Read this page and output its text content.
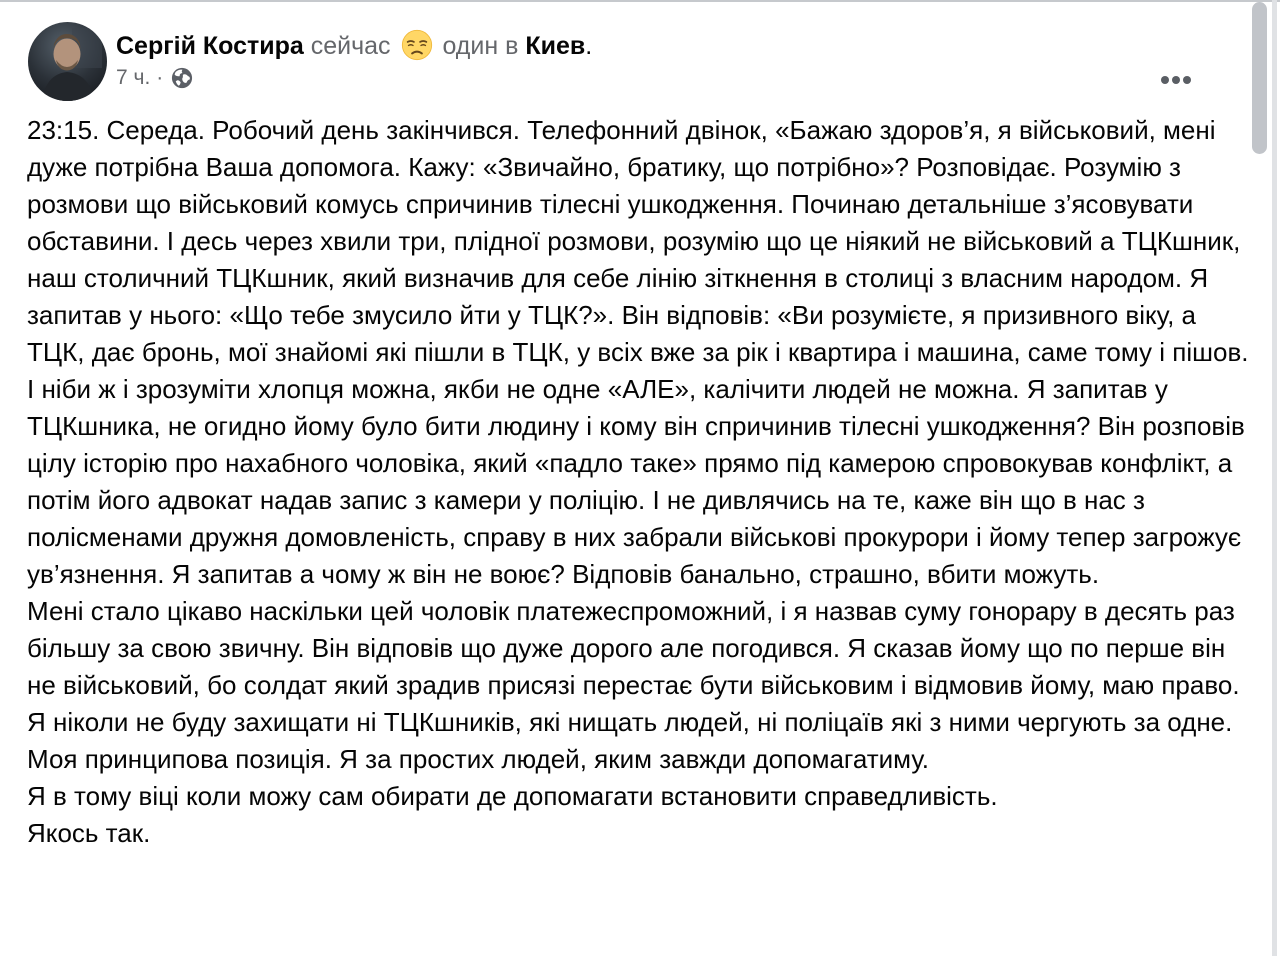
Сергій Костира сейчас  один в Киев.
7 ч. ·

23:15. Середа. Робочий день закінчився. Телефонний двінок, «Бажаю здоров’я, я військовий, мені дуже потрібна Ваша допомога. Кажу: «Звичайно, братику, що потрібно»? Розповідає. Розумію з розмови що військовий комусь спричинив тілесні ушкодження. Починаю детальніше з’ясовувати обставини. І десь через хвили три, плідної розмови, розумію що це ніякий не військовий а ТЦКшник, наш столичний ТЦКшник, який визначив для себе лінію зіткнення в столиці з власним народом. Я запитав у нього: «Що тебе змусило йти у ТЦК?». Він відповів: «Ви розумієте, я призивного віку, а ТЦК, дає бронь, мої знайомі які пішли в ТЦК, у всіх вже за рік і квартира і машина, саме тому і пішов. І ніби ж і зрозуміти хлопця можна, якби не одне «АЛЕ», калічити людей не можна. Я запитав у ТЦКшника, не огидно йому було бити людину і кому він спричинив тілесні ушкодження? Він розповів цілу історію про нахабного чоловіка, який «падло таке» прямо під камерою спровокував конфлікт, а потім його адвокат надав запис з камери у поліцію. І не дивлячись на те, каже він що в нас з полісменами дружня домовленість, справу в них забрали військові прокурори і йому тепер загрожує ув’язнення. Я запитав а чому ж він не воює? Відповів банально, страшно, вбити можуть.

Мені стало цікаво наскільки цей чоловік платежеспроможний, і я назвав суму гонорару в десять раз більшу за свою звичну. Він відповів що дуже дорого але погодився. Я сказав йому що по перше він не військовий, бо солдат який зрадив присязі перестає бути військовим і відмовив йому, маю право.

Я ніколи не буду захищати ні ТЦКшників, які нищать людей, ні поліцаїв які з ними чергують за одне. Моя принципова позиція. Я за простих людей, яким завжди допомагатиму.

Я в тому віці коли можу сам обирати де допомагати встановити справедливість.

Якось так.
